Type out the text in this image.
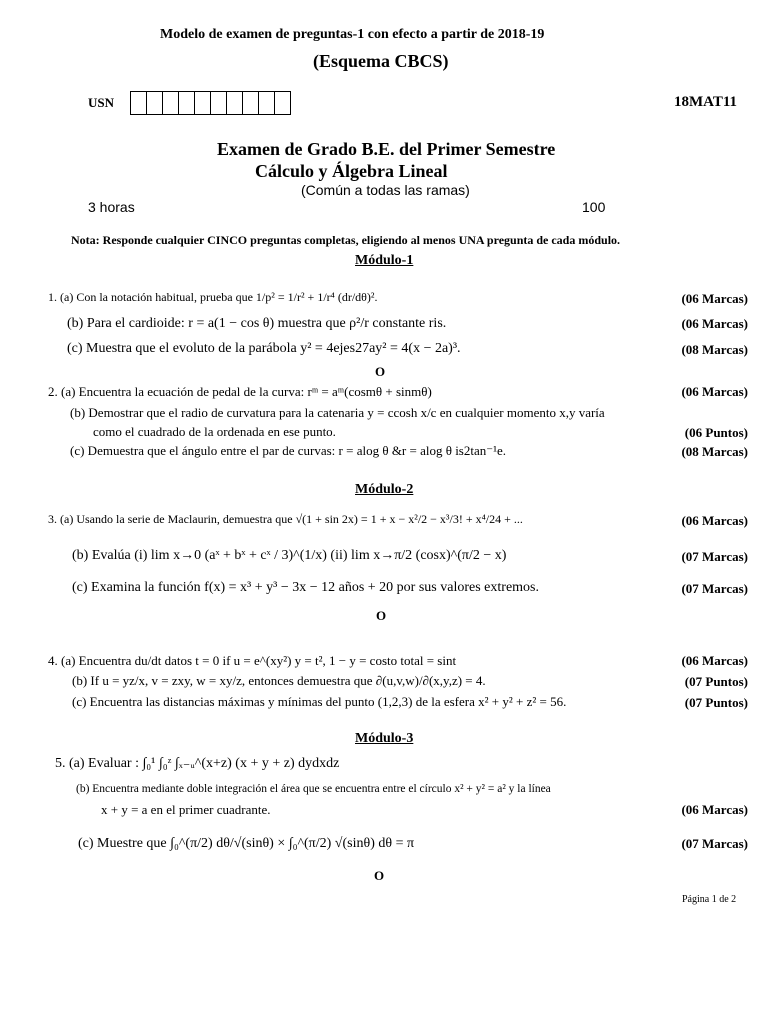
Modelo de examen de preguntas-1 con efecto a partir de 2018-19
(Esquema CBCS)
USN	18MAT11
Examen de Grado B.E. del Primer Semestre
Cálculo y Álgebra Lineal
(Común a todas las ramas)
3 horas	100
Nota: Responde cualquier CINCO preguntas completas, eligiendo al menos UNA pregunta de cada módulo.
Módulo-1
1. (a) Con la notación habitual, prueba que 1/p² = 1/r² + 1/r⁴ (dr/dθ)².	(06 Marcas)
(b) Para el cardioide: r = a(1 − cos θ) muestra que ρ²/r constante ris.	(06 Marcas)
(c) Muestra que el evoluto de la parábola y² = 4ejes27ay² = 4(x − 2a)³.	(08 Marcas)
O
2. (a) Encuentra la ecuación de pedal de la curva: rᵐ = aᵐ(cosmθ + sinmθ)	(06 Marcas)
(b) Demostrar que el radio de curvatura para la catenaria y = ccosh x/c en cualquier momento x,y varía
como el cuadrado de la ordenada en ese punto.	(06 Puntos)
(c) Demuestra que el ángulo entre el par de curvas: r = alog θ &r = alog θ is2tan⁻¹e.	(08 Marcas)
Módulo-2
3. (a) Usando la serie de Maclaurin, demuestra que √(1 + sin 2x) = 1 + x − x²/2 − x³/3! + x⁴/24 + ...	(06 Marcas)
(b) Evalúa (i) lim x→0 (aˣ + bˣ + cˣ / 3)^(1/x) (ii) lim x→π/2 (cosx)^(π/2 − x)	(07 Marcas)
(c) Examina la función f(x) = x³ + y³ − 3x − 12 años + 20 por sus valores extremos.	(07 Marcas)
O
4. (a) Encuentra du/dt datos t = 0 if u = e^(xy²) y = t², 1 − y = costo total = sint	(06 Marcas)
(b) If u = yz/x, v = zxy, w = xy/z, entonces demuestra que ∂(u,v,w)/∂(x,y,z) = 4.	(07 Puntos)
(c) Encuentra las distancias máximas y mínimas del punto (1,2,3) de la esfera x² + y² + z² = 56.	(07 Puntos)
Módulo-3
5. (a) Evaluar : ∫₀¹ ∫₀ᶻ ∫ₓ₋ᵤ^(x+z) (x + y + z) dydxdz
(b) Encuentra mediante doble integración el área que se encuentra entre el círculo x² + y² = a² y la línea
x + y = a en el primer cuadrante.	(06 Marcas)
(c) Muestre que ∫₀^(π/2) dθ/√(sinθ) × ∫₀^(π/2) √(sinθ) dθ = π	(07 Marcas)
O
Página 1 de 2
